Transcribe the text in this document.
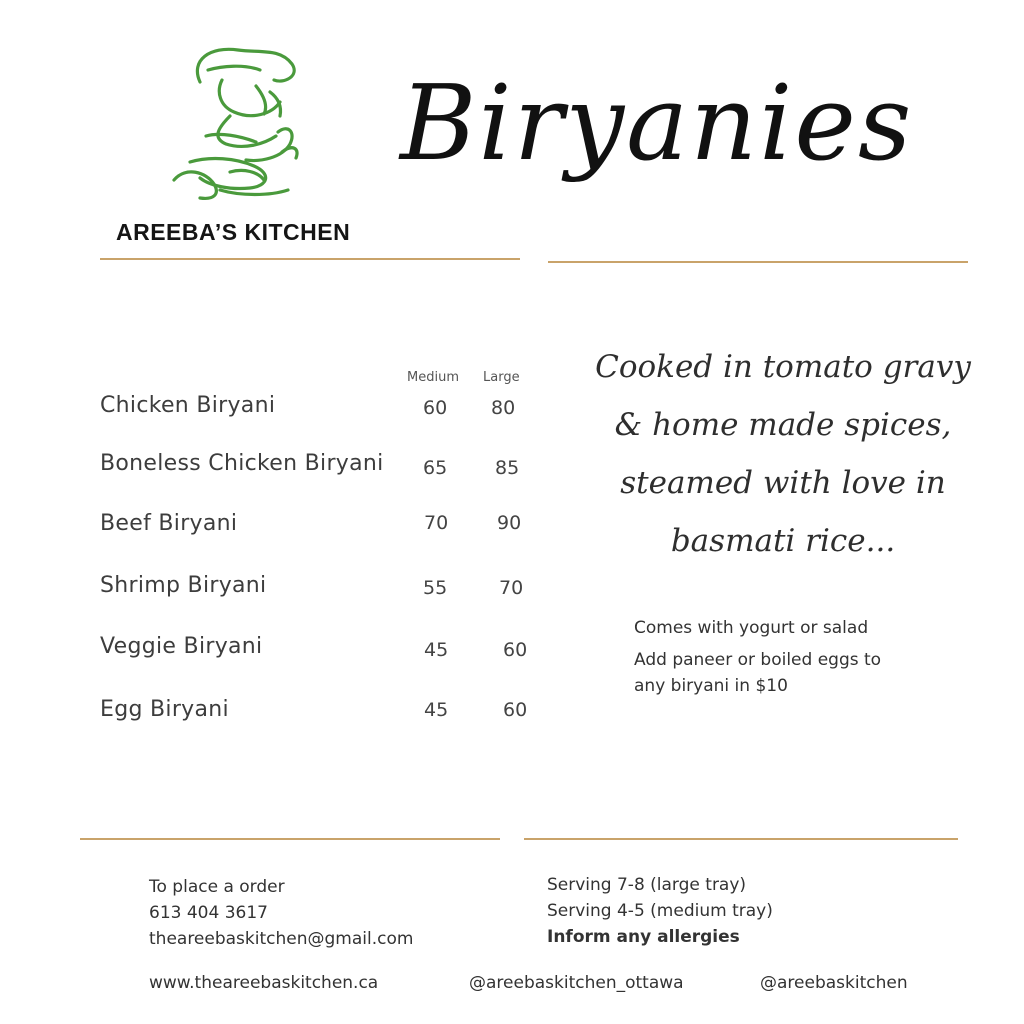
AREEBA’S KITCHEN
Biryanies
Medium Large
Chicken Biryani	60 80
Boneless Chicken Biryani 65	85
Beef Biryani	70	90
Shrimp Biryani	55	70
Veggie Biryani	45	60
Egg Biryani	45	60
Cooked in tomato gravy
& home made spices,
steamed with love in
basmati rice...
Comes with yogurt or salad
Add paneer or boiled eggs to
any biryani in $10
To place a order
613 404 3617
theareebaskitchen@gmail.com
Serving 7-8 (large tray)
Serving 4-5 (medium tray)
Inform any allergies
www.theareebaskitchen.ca	@areebaskitchen_ottawa	@areebaskitchen
